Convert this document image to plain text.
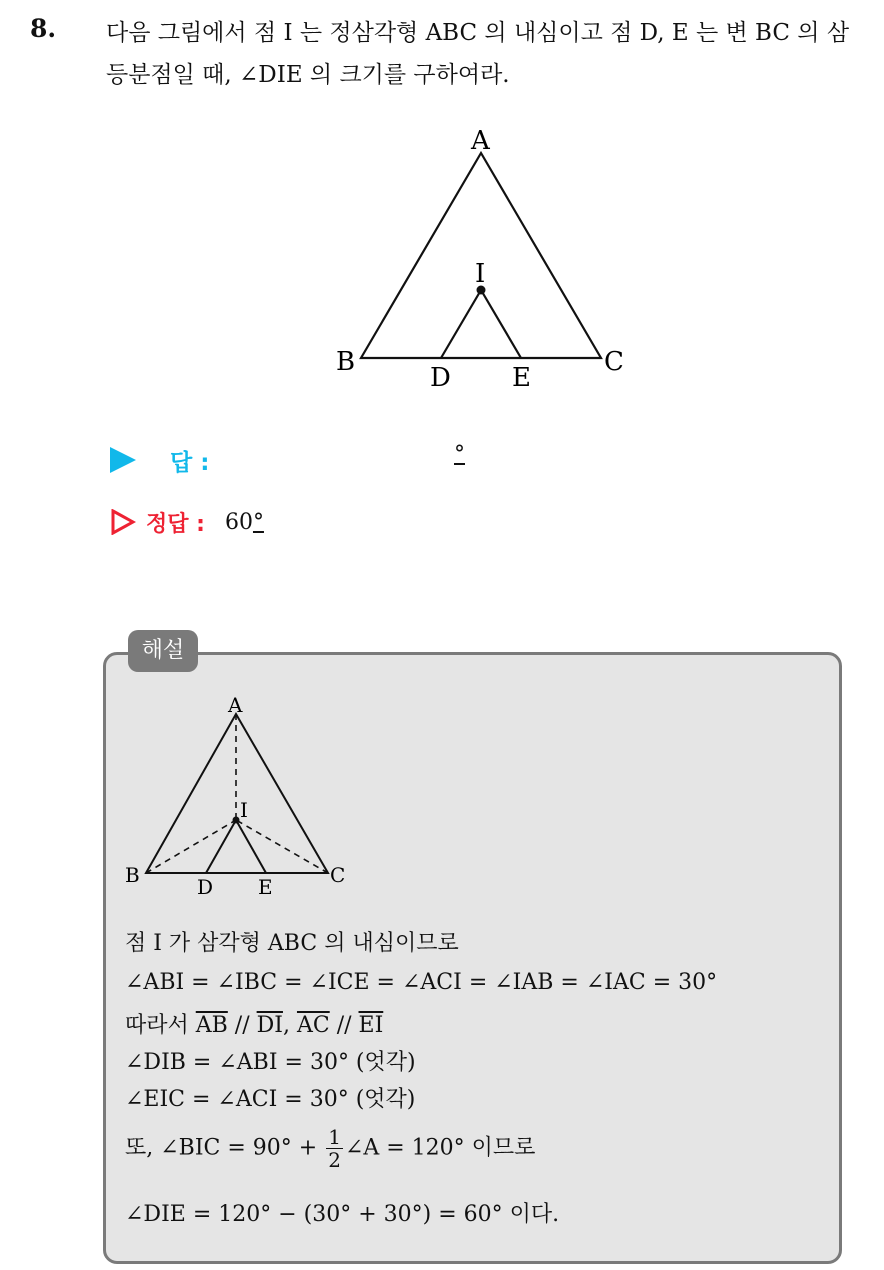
8. 다음 그림에서 점 I 는 정삼각형 ABC 의 내심이고 점 D, E 는 변 BC 의 삼등분점일 때, ∠DIE 의 크기를 구하여라.
A
B	C
I
D E
답 :	°
정답 : 60°
해설
A
B	C
I
D E
점 I 가 삼각형 ABC 의 내심이므로
∠ABI = ∠IBC = ∠ICE = ∠ACI = ∠IAB = ∠IAC = 30°
따라서 $\overline{AB} // \overline{DI}$, $\overline{AC} // \overline{EI}$
∠DIB = ∠ABI = 30° (엇각)
∠EIC = ∠ACI = 30° (엇각)
또, ∠BIC = $90^\circ + \frac{1}{2}$ ∠A = 120° 이므로
∠DIE = 120° − (30° + 30°) = 60° 이다.
